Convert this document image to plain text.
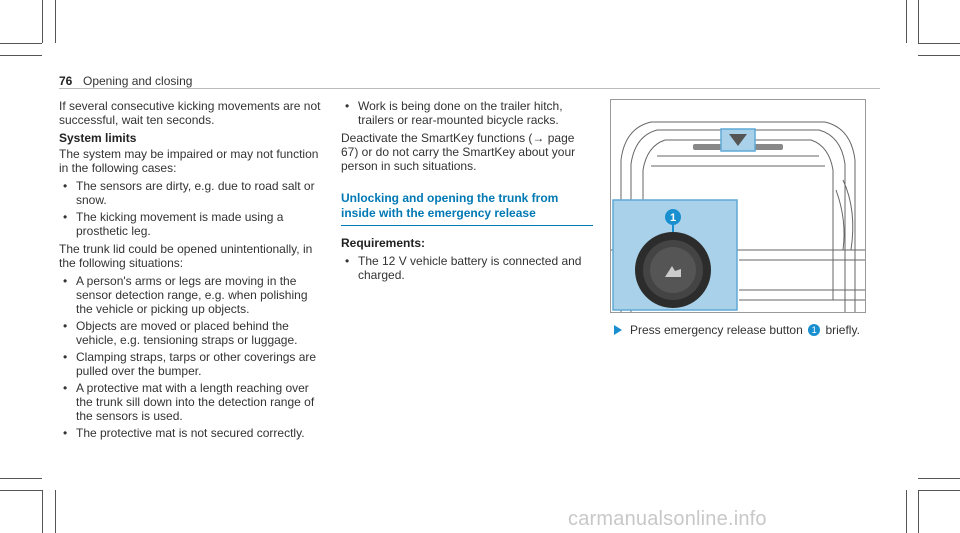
76 Opening and closing

If several consecutive kicking movements are not successful, wait ten seconds.

System limits

The system may be impaired or may not function in the following cases:

• The sensors are dirty, e.g. due to road salt or snow.
• The kicking movement is made using a prosthetic leg.

The trunk lid could be opened unintentionally, in the following situations:

• A person's arms or legs are moving in the sensor detection range, e.g. when polishing the vehicle or picking up objects.
• Objects are moved or placed behind the vehicle, e.g. tensioning straps or luggage.
• Clamping straps, tarps or other coverings are pulled over the bumper.
• A protective mat with a length reaching over the trunk sill down into the detection range of the sensors is used.
• The protective mat is not secured correctly.
• Work is being done on the trailer hitch, trailers or rear-mounted bicycle racks.

Deactivate the SmartKey functions (→ page 67) or do not carry the SmartKey about your person in such situations.

Unlocking and opening the trunk from inside with the emergency release

Requirements:

• The 12 V vehicle battery is connected and charged.
1
Press emergency release button 1 briefly.
carmanualsonline.info
